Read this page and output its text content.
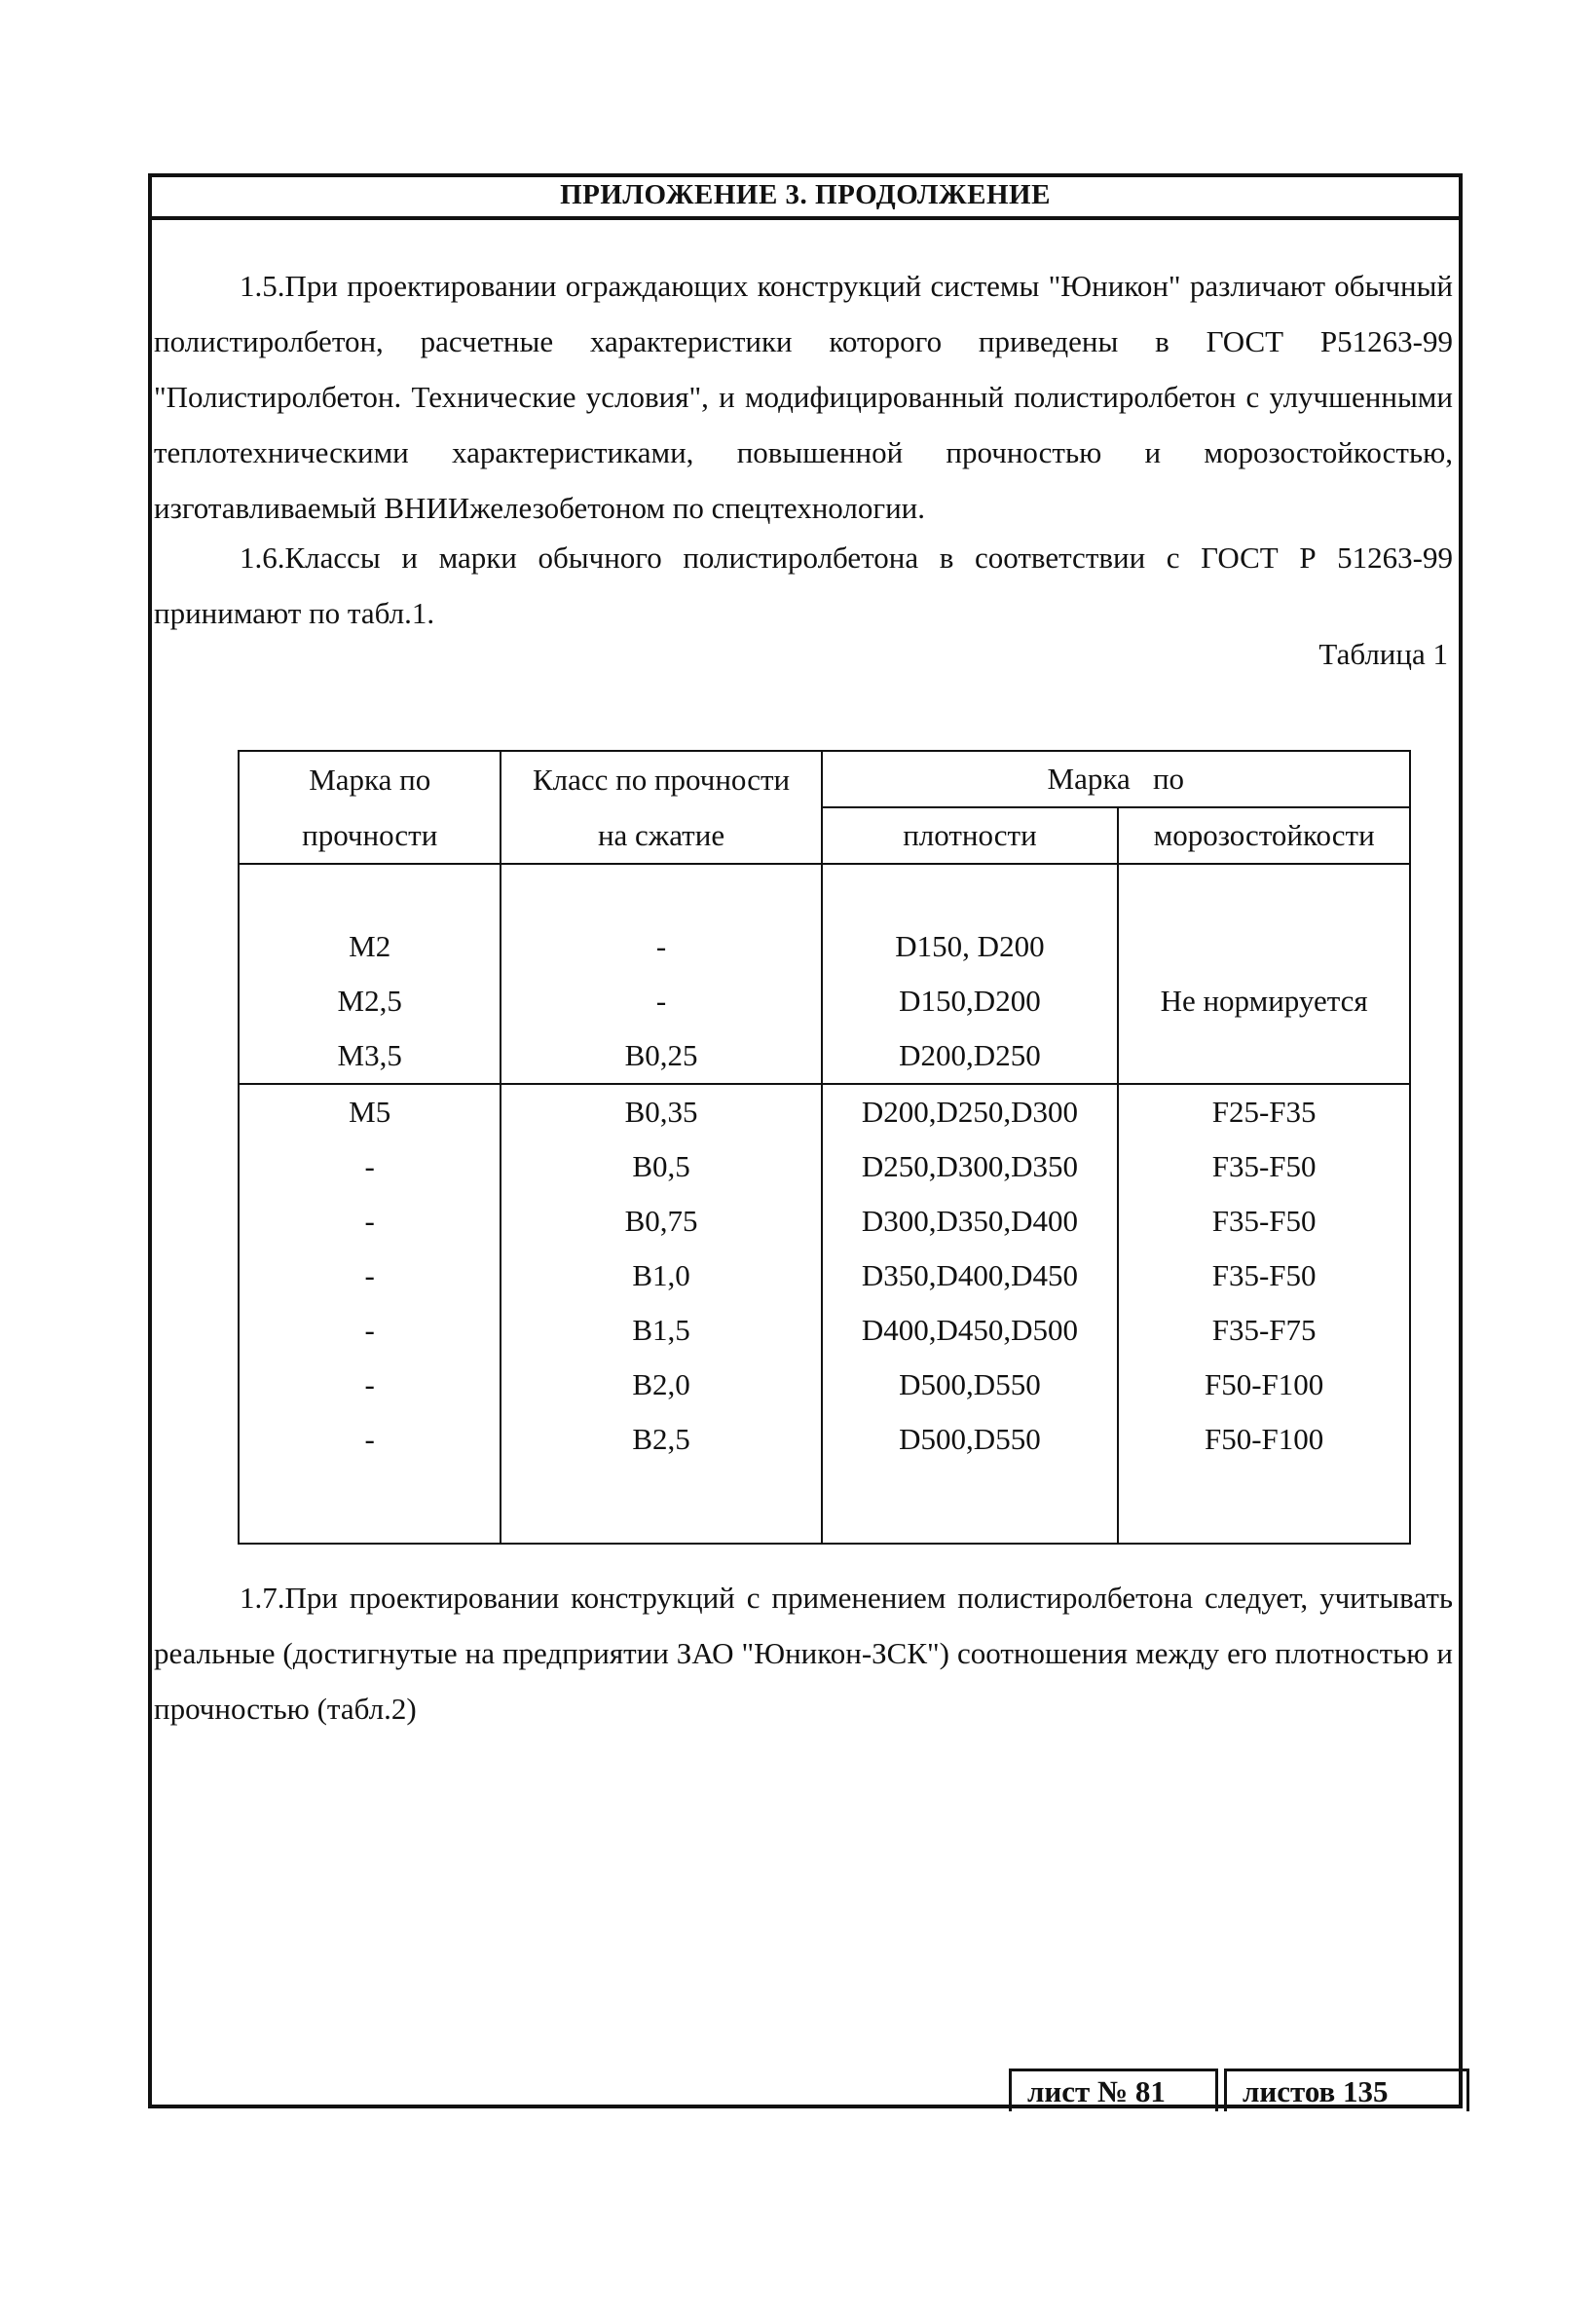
ПРИЛОЖЕНИЕ 3. ПРОДОЛЖЕНИЕ

1.5.При проектировании ограждающих конструкций системы "Юникон" различают обычный полистиролбетон, расчетные характеристики которого приведены в ГОСТ Р51263-99 "Полистиролбетон. Технические условия", и модифицированный полистиролбетон с улучшенными теплотехническими характеристиками, повышенной прочностью и морозостойкостью, изготавливаемый ВНИИжелезобетоном по спецтехнологии.

1.6.Классы и марки обычного полистиролбетона в соответствии с ГОСТ Р 51263-99 принимают по табл.1.

Таблица 1
Марка по	Класс по прочности	Марка   по	
прочности	на сжатие	плотности	морозостойкости

М2	-	D150, D200	Не нормируется
М2,5	-	D150,D200	
М3,5	В0,25	D200,D250	
М5	В0,35	D200,D250,D300	F25-F35
-	В0,5	D250,D300,D350	F35-F50
-	В0,75	D300,D350,D400	F35-F50
-	В1,0	D350,D400,D450	F35-F50
-	В1,5	D400,D450,D500	F35-F75
-	В2,0	D500,D550	F50-F100
-	В2,5	D500,D550	F50-F100

1.7.При проектировании конструкций с применением полистиролбетона следует, учитывать реальные (достигнутые на предприятии ЗАО "Юникон-ЗСК") соотношения между его плотностью и прочностью (табл.2)

лист № 81	листов 135
